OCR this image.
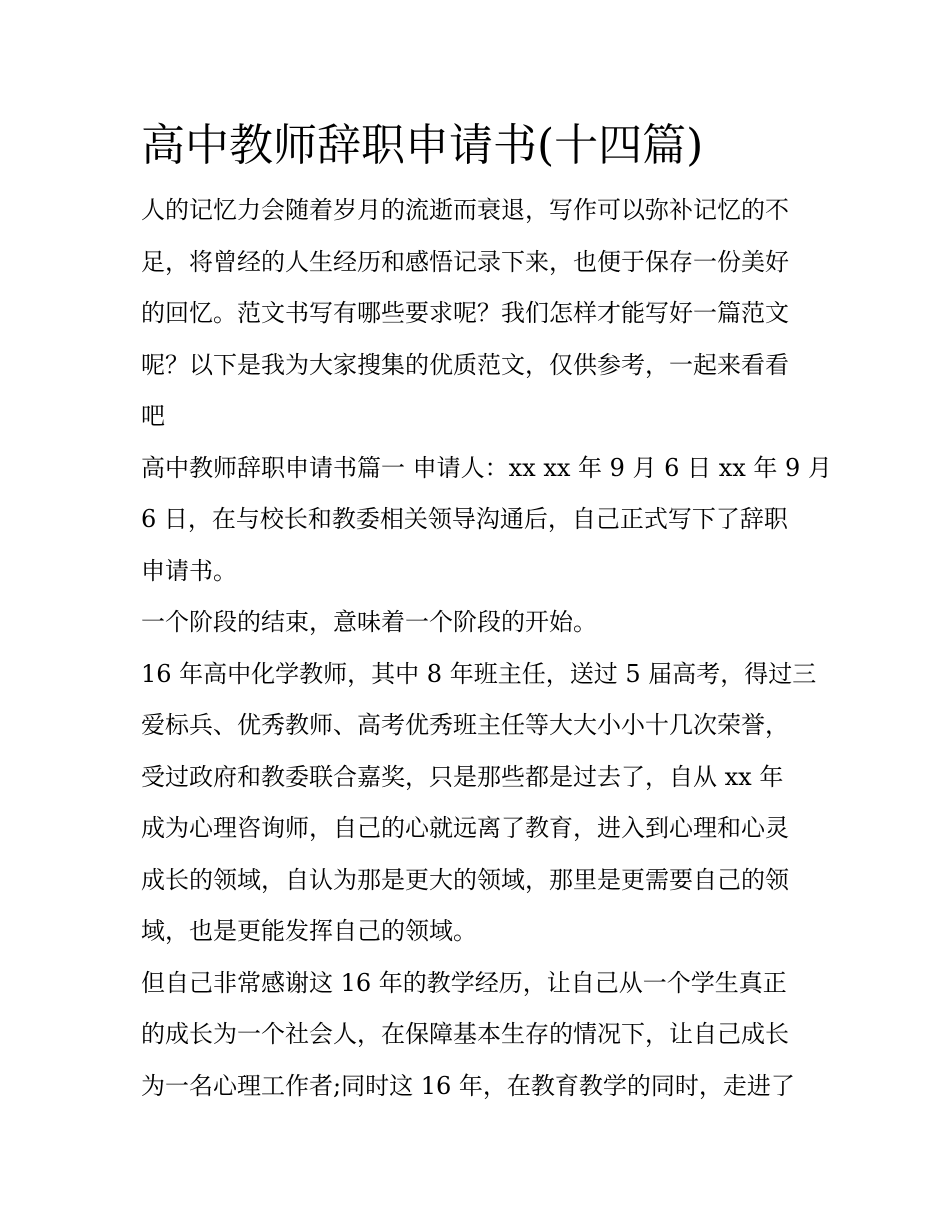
高中教师辞职申请书(十四篇)

人的记忆力会随着岁月的流逝而衰退，写作可以弥补记忆的不
足，将曾经的人生经历和感悟记录下来，也便于保存一份美好
的回忆。范文书写有哪些要求呢？我们怎样才能写好一篇范文
呢？以下是我为大家搜集的优质范文，仅供参考，一起来看看
吧

高中教师辞职申请书篇一 申请人：xx xx 年 9 月 6 日 xx 年 9 月
6 日，在与校长和教委相关领导沟通后，自己正式写下了辞职
申请书。

一个阶段的结束，意味着一个阶段的开始。

16 年高中化学教师，其中 8 年班主任，送过 5 届高考，得过三
爱标兵、优秀教师、高考优秀班主任等大大小小十几次荣誉，
受过政府和教委联合嘉奖，只是那些都是过去了，自从 xx 年
成为心理咨询师，自己的心就远离了教育，进入到心理和心灵
成长的领域，自认为那是更大的领域，那里是更需要自己的领
域，也是更能发挥自己的领域。

但自己非常感谢这 16 年的教学经历，让自己从一个学生真正
的成长为一个社会人，在保障基本生存的情况下，让自己成长
为一名心理工作者;同时这 16 年，在教育教学的同时，走进了
